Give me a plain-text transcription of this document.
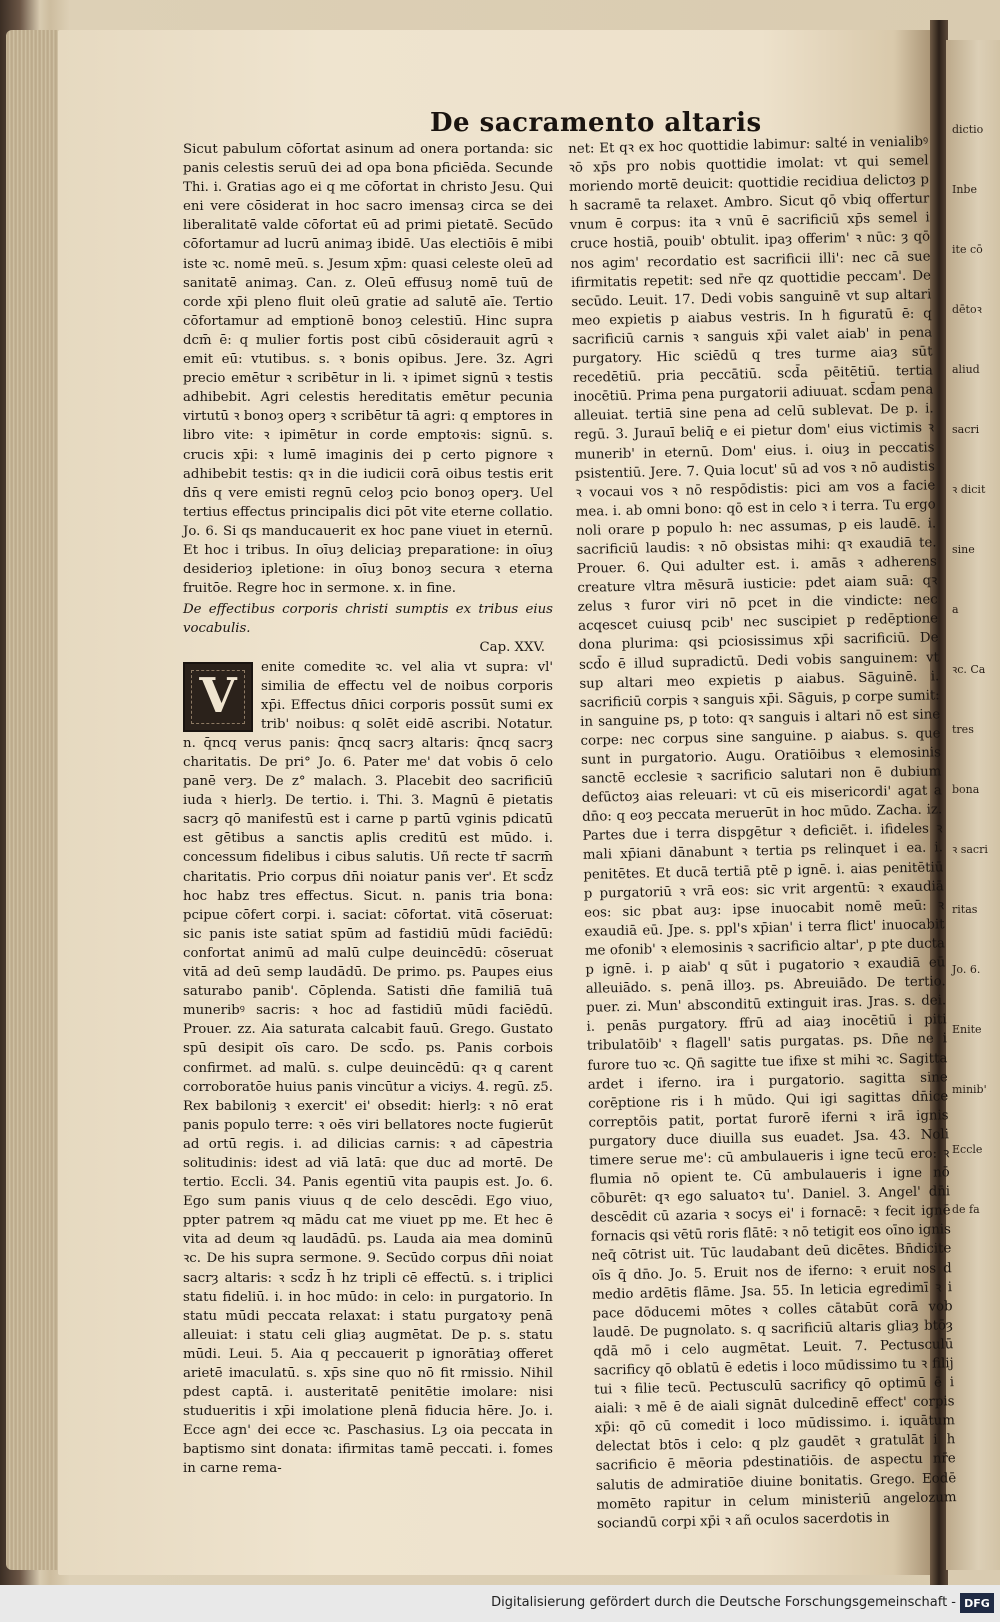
dictio
Inbe
ite cō
dētoꝛ
aliud
sacri
ꝛ dicit
sine
a
ꝛc. Ca
tres
bona
ꝛ sacri
ritas
Jo. 6.
Enite
minib'
Eccle
de fa
De sacramento altaris

Sicut pabulum cōfortat asinum ad onera portanda: sic panis celestis seruū dei ad opa bona pficiēda. Secunde Thi. i. Gratias ago ei q me cōfortat in christo Jesu. Qui eni vere cōsiderat in hoc sacro imensaȝ circa se dei liberalitatē valde cōfortat eū ad primi pietatē. Secūdo cōfortamur ad lucrū animaȝ ibidē. Uas electiōis ē mibi iste ꝛc. nomē meū. s. Jesum xp̄m: quasi celeste oleū ad sanitatē animaȝ. Can. z. Oleū effusuȝ nomē tuū de corde xp̄i pleno fluit oleū gratie ad salutē aīe. Tertio cōfortamur ad emptionē bonoȝ celestiū. Hinc supra dcm̄ ē: q mulier fortis post cibū cōsiderauit agrū ꝛ emit eū: vtutibus. s. ꝛ bonis opibus. Jere. 3z. Agri precio emētur ꝛ scribētur in li. ꝛ ipimet signū ꝛ testis adhibebit. Agri celestis hereditatis emētur pecunia virtutū ꝛ bonoȝ operȝ ꝛ scribētur tā agri: q emptores in libro vite: ꝛ ipimētur in corde emptoꝛis: signū. s. crucis xp̄i: ꝛ lumē imaginis dei p certo pignore ꝛ adhibebit testis: qꝛ in die iudicii corā oibus testis erit dn̄s q vere emisti regnū celoȝ pcio bonoȝ operȝ. Uel tertius effectus principalis dici pōt vite eterne collatio. Jo. 6. Si qs manducauerit ex hoc pane viuet in eternū. Et hoc i tribus. In oīuȝ deliciaȝ preparatione: in oīuȝ desiderioȝ ipletione: in oīuȝ bonoȝ secura ꝛ eterna fruitōe. Regre hoc in sermone. x. in fine.

De effectibus corporis christi sumptis ex tribus eius vocabulis.

Cap. XXV.

V

enite comedite ꝛc. vel alia vt supra: vl' similia de effectu vel de noibus corporis xp̄i. Effectus dn̄ici corporis possūt sumi ex trib' noibus: q solēt eidē ascribi. Notatur. n. q̄ncq verus panis: q̄ncq sacrȝ altaris: q̄ncq sacrȝ charitatis. De pri° Jo. 6. Pater me' dat vobis ō celo panē verȝ. De z° malach. 3. Placebit deo sacrificiū iuda ꝛ hierlȝ. De tertio. i. Thi. 3. Magnū ē pietatis sacrȝ qō manifestū est i carne p partū vginis pdicatū est gētibus a sanctis aplis creditū est mūdo. i. concessum fidelibus i cibus salutis. Uñ recte tr̄ sacrm̄ charitatis. Prio corpus dn̄i noiatur panis ver'. Et scd̄z hoc habz tres effectus. Sicut. n. panis tria bona: pcipue cōfert corpi. i. saciat: cōfortat. vitā cōseruat: sic panis iste satiat spūm ad fastidiū mūdi faciēdū: confortat animū ad malū culpe deuincēdū: cōseruat vitā ad deū semp laudādū. De primo. ps. Paupes eius saturabo panib'. Cōplenda. Satisti dn̄e familiā tuā muneribꝰ sacris: ꝛ hoc ad fastidiū mūdi faciēdū. Prouer. zz. Aia saturata calcabit fauū. Grego. Gustato spū desipit oīs caro. De scd̄o. ps. Panis corbois confirmet. ad malū. s. culpe deuincēdū: qꝛ q carent corroboratōe huius panis vincūtur a viciys. 4. regū. z5. Rex babiloniȝ ꝛ exercit' ei' obsedit: hierlȝ: ꝛ nō erat panis populo terre: ꝛ oēs viri bellatores nocte fugierūt ad ortū regis. i. ad dilicias carnis: ꝛ ad cāpestria solitudinis: idest ad viā latā: que duc ad mortē. De tertio. Eccli. 34. Panis egentiū vita paupis est. Jo. 6. Ego sum panis viuus q de celo descēdi. Ego viuo, ppter patrem ꝛq mādu cat me viuet pp me. Et hec ē vita ad deum ꝛq laudādū. ps. Lauda aia mea dominū ꝛc. De his supra sermone. 9. Secūdo corpus dn̄i noiat sacrȝ altaris: ꝛ scd̄z h̄ hz tripli cē effectū. s. i triplici statu fideliū. i. in hoc mūdo: in celo: in purgatorio. In statu mūdi peccata relaxat: i statu purgatoꝛy penā alleuiat: i statu celi gliaȝ augmētat. De p. s. statu mūdi. Leui. 5. Aia q peccauerit p ignorātiaȝ offeret arietē imaculatū. s. xp̄s sine quo nō fit rmissio. Nihil pdest captā. i. austeritatē penitētie imolare: nisi studueritis i xp̄i imolatione plenā fiducia hēre. Jo. i. Ecce agn' dei ecce ꝛc. Paschasius. Lȝ oia peccata in baptismo sint donata: ifirmitas tamē peccati. i. fomes in carne rema-

net: Et qꝛ ex hoc quottidie labimur: salté in venialibꝰ ꝛō xp̄s pro nobis quottidie imolat: vt qui semel moriendo mortē deuicit: quottidie recidiua delictoȝ p h sacramē ta relaxet. Ambro. Sicut qō vbiq offertur vnum ē corpus: ita ꝛ vnū ē sacrificiū xp̄s semel i cruce hostiā, pouib' obtulit. ipaȝ offerim' ꝛ nūc: ȝ qō nos agim' recordatio est sacrificii illi': nec cā sue ifirmitatis repetit: sed nr̄e qz quottidie peccam'. De secūdo. Leuit. 17. Dedi vobis sanguinē vt sup altari meo expietis p aiabus vestris. In h figuratū ē: q sacrificiū carnis ꝛ sanguis xp̄i valet aiab' in pena purgatory. Hic sciēdū q tres turme aiaȝ sūt recedētiū. pria peccātiū. scd̄a pēitētiū. tertia inocētiū. Prima pena purgatorii adiuuat. scd̄am pena alleuiat. tertiā sine pena ad celū sublevat. De p. i. regū. 3. Jurauī beliq̄ e ei pietur dom' eius victimis ꝛ munerib' in eternū. Dom' eius. i. oiuȝ in peccatis psistentiū. Jere. 7. Quia locut' sū ad vos ꝛ nō audistis ꝛ vocaui vos ꝛ nō respōdistis: pici am vos a facie mea. i. ab omni bono: qō est in celo ꝛ i terra. Tu ergo noli orare p populo h: nec assumas, p eis laudē. i. sacrificiū laudis: ꝛ nō obsistas mihi: qꝛ exaudiā te. Prouer. 6. Qui adulter est. i. amās ꝛ adherens creature vltra mēsurā iusticie: pdet aiam suā: qꝛ zelus ꝛ furor viri nō pcet in die vindicte: nec acqescet cuiusq pcib' nec suscipiet p redēptione dona plurima: qsi pciosissimus xp̄i sacrificiū. De scd̄o ē illud supradictū. Dedi vobis sanguinem: vt sup altari meo expietis p aiabus. Sāguinē. i. sacrificiū corpis ꝛ sanguis xp̄i. Sāguis, p corpe sumit: in sanguine ps, p toto: qꝛ sanguis i altari nō est sine corpe: nec corpus sine sanguine. p aiabus. s. que sunt in purgatorio. Augu. Oratiōibus ꝛ elemosinis sanctē ecclesie ꝛ sacrificio salutari non ē dubium defūctoȝ aias releuari: vt cū eis misericordi' agat a dn̄o: q eoȝ peccata meruerūt in hoc mūdo. Zacha. iz. Partes due i terra dispgētur ꝛ deficiēt. i. ifideles ꝛ mali xp̄iani dānabunt ꝛ tertia ps relinquet i ea. i. penitētes. Et ducā tertiā ptē p ignē. i. aias penitētiū p purgatoriū ꝛ vrā eos: sic vrit argentū: ꝛ exaudiā eos: sic pbat auȝ: ipse inuocabit nomē meū: ꝛ exaudiā eū. Jpe. s. ppl's xp̄ian' i terra flict' inuocabit me ofonib' ꝛ elemosinis ꝛ sacrificio altar', p pte ducta p ignē. i. p aiab' q sūt i pugatorio ꝛ exaudiā eū alleuiādo. s. penā illoȝ. ps. Abreuiādo. De tertio. puer. zi. Mun' absconditū extinguit iras. Jras. s. dei. i. penās purgatory. ffrū ad aiaȝ inocētiū i piti tribulatōib' ꝛ flagell' satis purgatas. ps. Dn̄e ne i furore tuo ꝛc. Qn̄ sagitte tue ifixe st mihi ꝛc. Sagitta ardet i iferno. ira i purgatorio. sagitta sine corēptione ris i h mūdo. Qui igi sagittas dn̄ice correptōis patit, portat furorē iferni ꝛ irā ignis purgatory duce diuilla sus euadet. Jsa. 43. Noli timere serue me': cū ambulaueris i igne tecū ero: ꝛ flumia nō opient te. Cū ambulaueris i igne nō cōburēt: qꝛ ego saluatoꝛ tu'. Daniel. 3. Angel' dn̄i descēdit cū azaria ꝛ socys ei' i fornacē: ꝛ fecit ignē fornacis qsi vētū roris flātē: ꝛ nō tetigit eos oīno ignis neq̄ cōtrist uit. Tūc laudabant deū dicētes. Bn̄dicite oīs q̄ dn̄o. Jo. 5. Eruit nos de iferno: ꝛ eruit nos d medio ardētis flāme. Jsa. 55. In leticia egredimī ꝛ i pace dōducemi mōtes ꝛ colles cātabūt corā vob laudē. De pugnolato. s. q sacrificiū altaris gliaȝ btōȝ qdā mō i celo augmētat. Leuit. 7. Pectusculū sacrificy qō oblatū ē edetis i loco mūdissimo tu ꝛ filij tui ꝛ filie tecū. Pectusculū sacrificy qō optimū ē i aiali: ꝛ mē ē de aiali signāt dulcedinē effect' corpis xp̄i: qō cū comedit i loco mūdissimo. i. iquātum delectat btōs i celo: q plz gaudēt ꝛ gratulāt i h sacrificio ē mēoria pdestinatiōis. de aspectu nr̄e salutis de admiratiōe diuine bonitatis. Grego. Eodē momēto rapitur in celum ministeriū angelozum sociandū corpi xp̄i ꝛ añ oculos sacerdotis in

Digitalisierung gefördert durch die Deutsche Forschungsgemeinschaft - DFG
